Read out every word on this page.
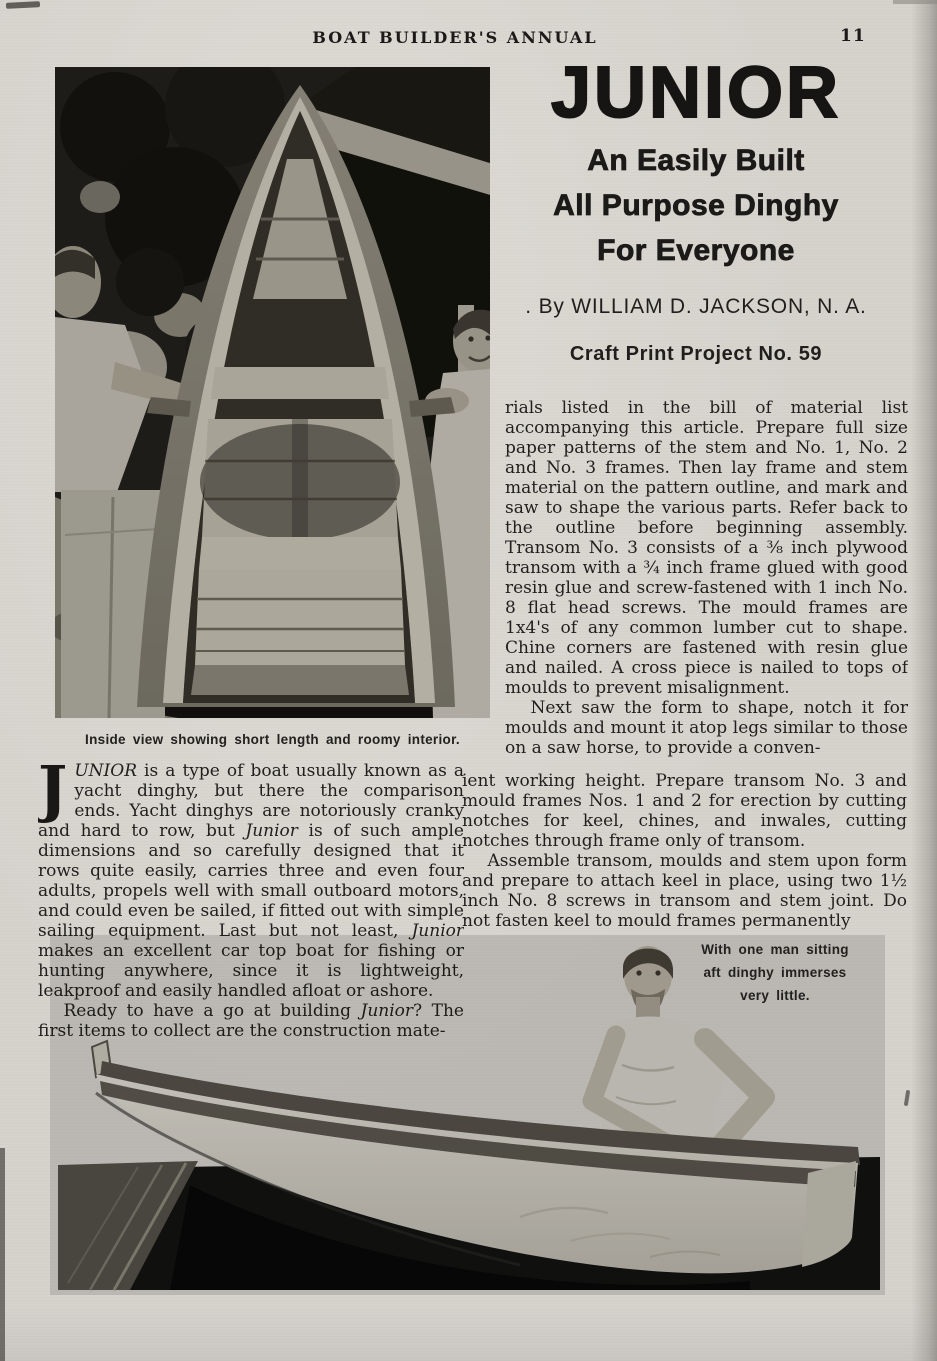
BOAT BUILDER'S ANNUAL	11
Inside view showing short length and roomy interior.
JUNIOR
An Easily Built
All Purpose Dinghy
For Everyone
. By WILLIAM D. JACKSON, N. A.
Craft Print Project No. 59

rials listed in the bill of material list accompanying this article. Prepare full size paper patterns of the stem and No. 1, No. 2 and No. 3 frames. Then lay frame and stem material on the pattern outline, and mark and saw to shape the various parts. Refer back to the outline before beginning assembly. Transom No. 3 consists of a ⅜ inch plywood transom with a ¾ inch frame glued with good resin glue and screw-fastened with 1 inch No. 8 flat head screws. The mould frames are 1x4's of any common lumber cut to shape. Chine corners are fastened with resin glue and nailed. A cross piece is nailed to tops of moulds to prevent misalignment.

Next saw the form to shape, notch it for moulds and mount it atop legs similar to those on a saw horse, to provide a conven-

ient working height. Prepare transom No. 3 and mould frames Nos. 1 and 2 for erection by cutting notches for keel, chines, and inwales, cutting notches through frame only of transom.

Assemble transom, moulds and stem upon form and prepare to attach keel in place, using two 1½ inch No. 8 screws in transom and stem joint. Do not fasten keel to mould frames permanently

JUNIOR is a type of boat usually known as a yacht dinghy, but there the comparison ends. Yacht dinghys are notoriously cranky and hard to row, but Junior is of such ample dimensions and so carefully designed that it rows quite easily, carries three and even four adults, propels well with small outboard motors, and could even be sailed, if fitted out with simple sailing equipment. Last but not least, Junior makes an excellent car top boat for fishing or hunting anywhere, since it is lightweight, leakproof and easily handled afloat or ashore.

Ready to have a go at building Junior? The first items to collect are the construction mate-

With one man sitting
aft dinghy immerses
very little.
